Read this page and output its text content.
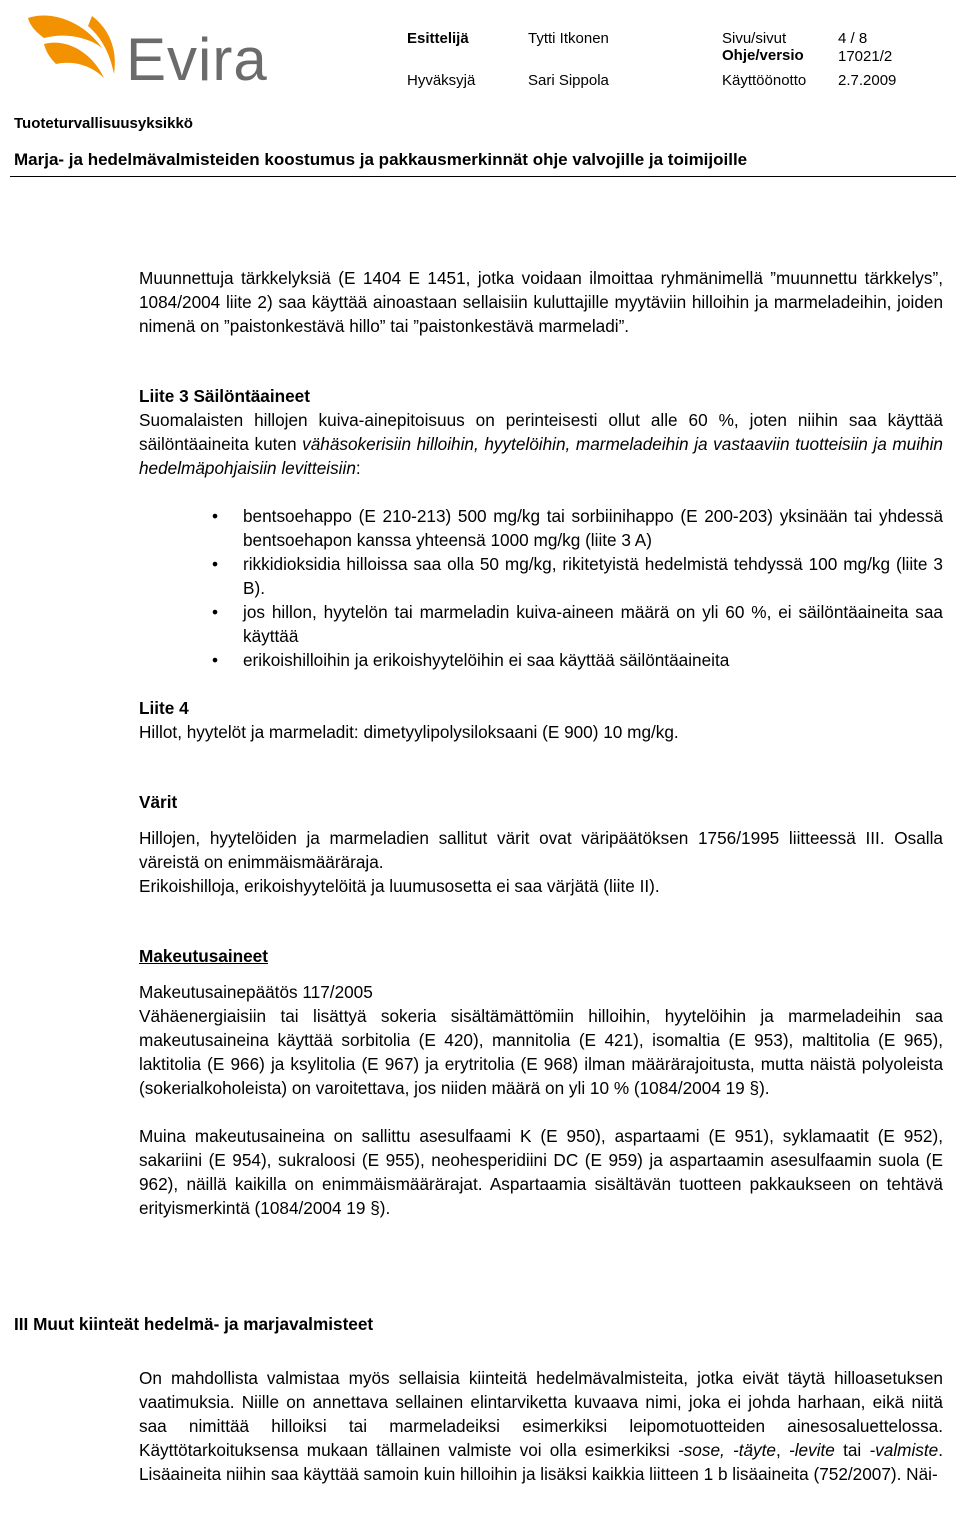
Evira	Esittelijä	Tytti Itkonen	Sivu/sivut	4 / 8
Ohje/versio 17021/2
Hyväksyjä	Sari Sippola	Käyttöönotto 2.7.2009
Tuoteturvallisuusyksikkö
Marja- ja hedelmävalmisteiden koostumus ja pakkausmerkinnät ohje valvojille ja toimijoille

Muunnettuja tärkkelyksiä (E 1404 E 1451, jotka voidaan ilmoittaa ryhmänimellä ”muunnettu tärkkelys”, 1084/2004 liite 2) saa käyttää ainoastaan sellaisiin kuluttajille myytäviin hilloihin ja marmeladeihin, joiden nimenä on ”paistonkestävä hillo” tai ”paistonkestävä marmeladi”.

Liite 3 Säilöntäaineet

Suomalaisten hillojen kuiva-ainepitoisuus on perinteisesti ollut alle 60 %, joten niihin saa käyttää säilöntäaineita kuten vähäsokerisiin hilloihin, hyytelöihin, marmeladeihin ja vastaaviin tuotteisiin ja muihin hedelmäpohjaisiin levitteisiin:

• bentsoehappo (E 210-213) 500 mg/kg tai sorbiinihappo (E 200-203) yksinään tai yhdessä bentsoehapon kanssa yhteensä 1000 mg/kg (liite 3 A)
• rikkidioksidia hilloissa saa olla 50 mg/kg, rikitetyistä hedelmistä tehdyssä 100 mg/kg (liite 3 B).
• jos hillon, hyytelön tai marmeladin kuiva-aineen määrä on yli 60 %, ei säilöntäaineita saa käyttää
• erikoishilloihin ja erikoishyytelöihin ei saa käyttää säilöntäaineita

Liite 4

Hillot, hyytelöt ja marmeladit: dimetyylipolysiloksaani (E 900) 10 mg/kg.

Värit

Hillojen, hyytelöiden ja marmeladien sallitut värit ovat väripäätöksen 1756/1995 liitteessä III. Osalla väreistä on enimmäismääräraja.

Erikoishilloja, erikoishyytelöitä ja luumusosetta ei saa värjätä (liite II).

Makeutusaineet

Makeutusainepäätös 117/2005

Vähäenergiaisiin tai lisättyä sokeria sisältämättömiin hilloihin, hyytelöihin ja marmeladeihin saa makeutusaineina käyttää sorbitolia (E 420), mannitolia (E 421), isomaltia (E 953), maltitolia (E 965), laktitolia (E 966) ja ksylitolia (E 967) ja erytritolia (E 968) ilman määrärajoitusta, mutta näistä polyoleista (sokerialkoholeista) on varoitettava, jos niiden määrä on yli 10 % (1084/2004 19 §).

Muina makeutusaineina on sallittu asesulfaami K (E 950), aspartaami (E 951), syklamaatit (E 952), sakariini (E 954), sukraloosi (E 955), neohesperidiini DC (E 959) ja aspartaamin asesulfaamin suola (E 962), näillä kaikilla on enimmäismäärärajat. Aspartaamia sisältävän tuotteen pakkaukseen on tehtävä erityismerkintä (1084/2004 19 §).

III Muut kiinteät hedelmä- ja marjavalmisteet

On mahdollista valmistaa myös sellaisia kiinteitä hedelmävalmisteita, jotka eivät täytä hilloasetuksen vaatimuksia. Niille on annettava sellainen elintarviketta kuvaava nimi, joka ei johda harhaan, eikä niitä saa nimittää hilloiksi tai marmeladeiksi esimerkiksi leipomotuotteiden ainesosaluettelossa. Käyttötarkoituksensa mukaan tällainen valmiste voi olla esimerkiksi -sose, -täyte, -levite tai -valmiste. Lisäaineita niihin saa käyttää samoin kuin hilloihin ja lisäksi kaikkia liitteen 1 b lisäaineita (752/2007). Näi-
